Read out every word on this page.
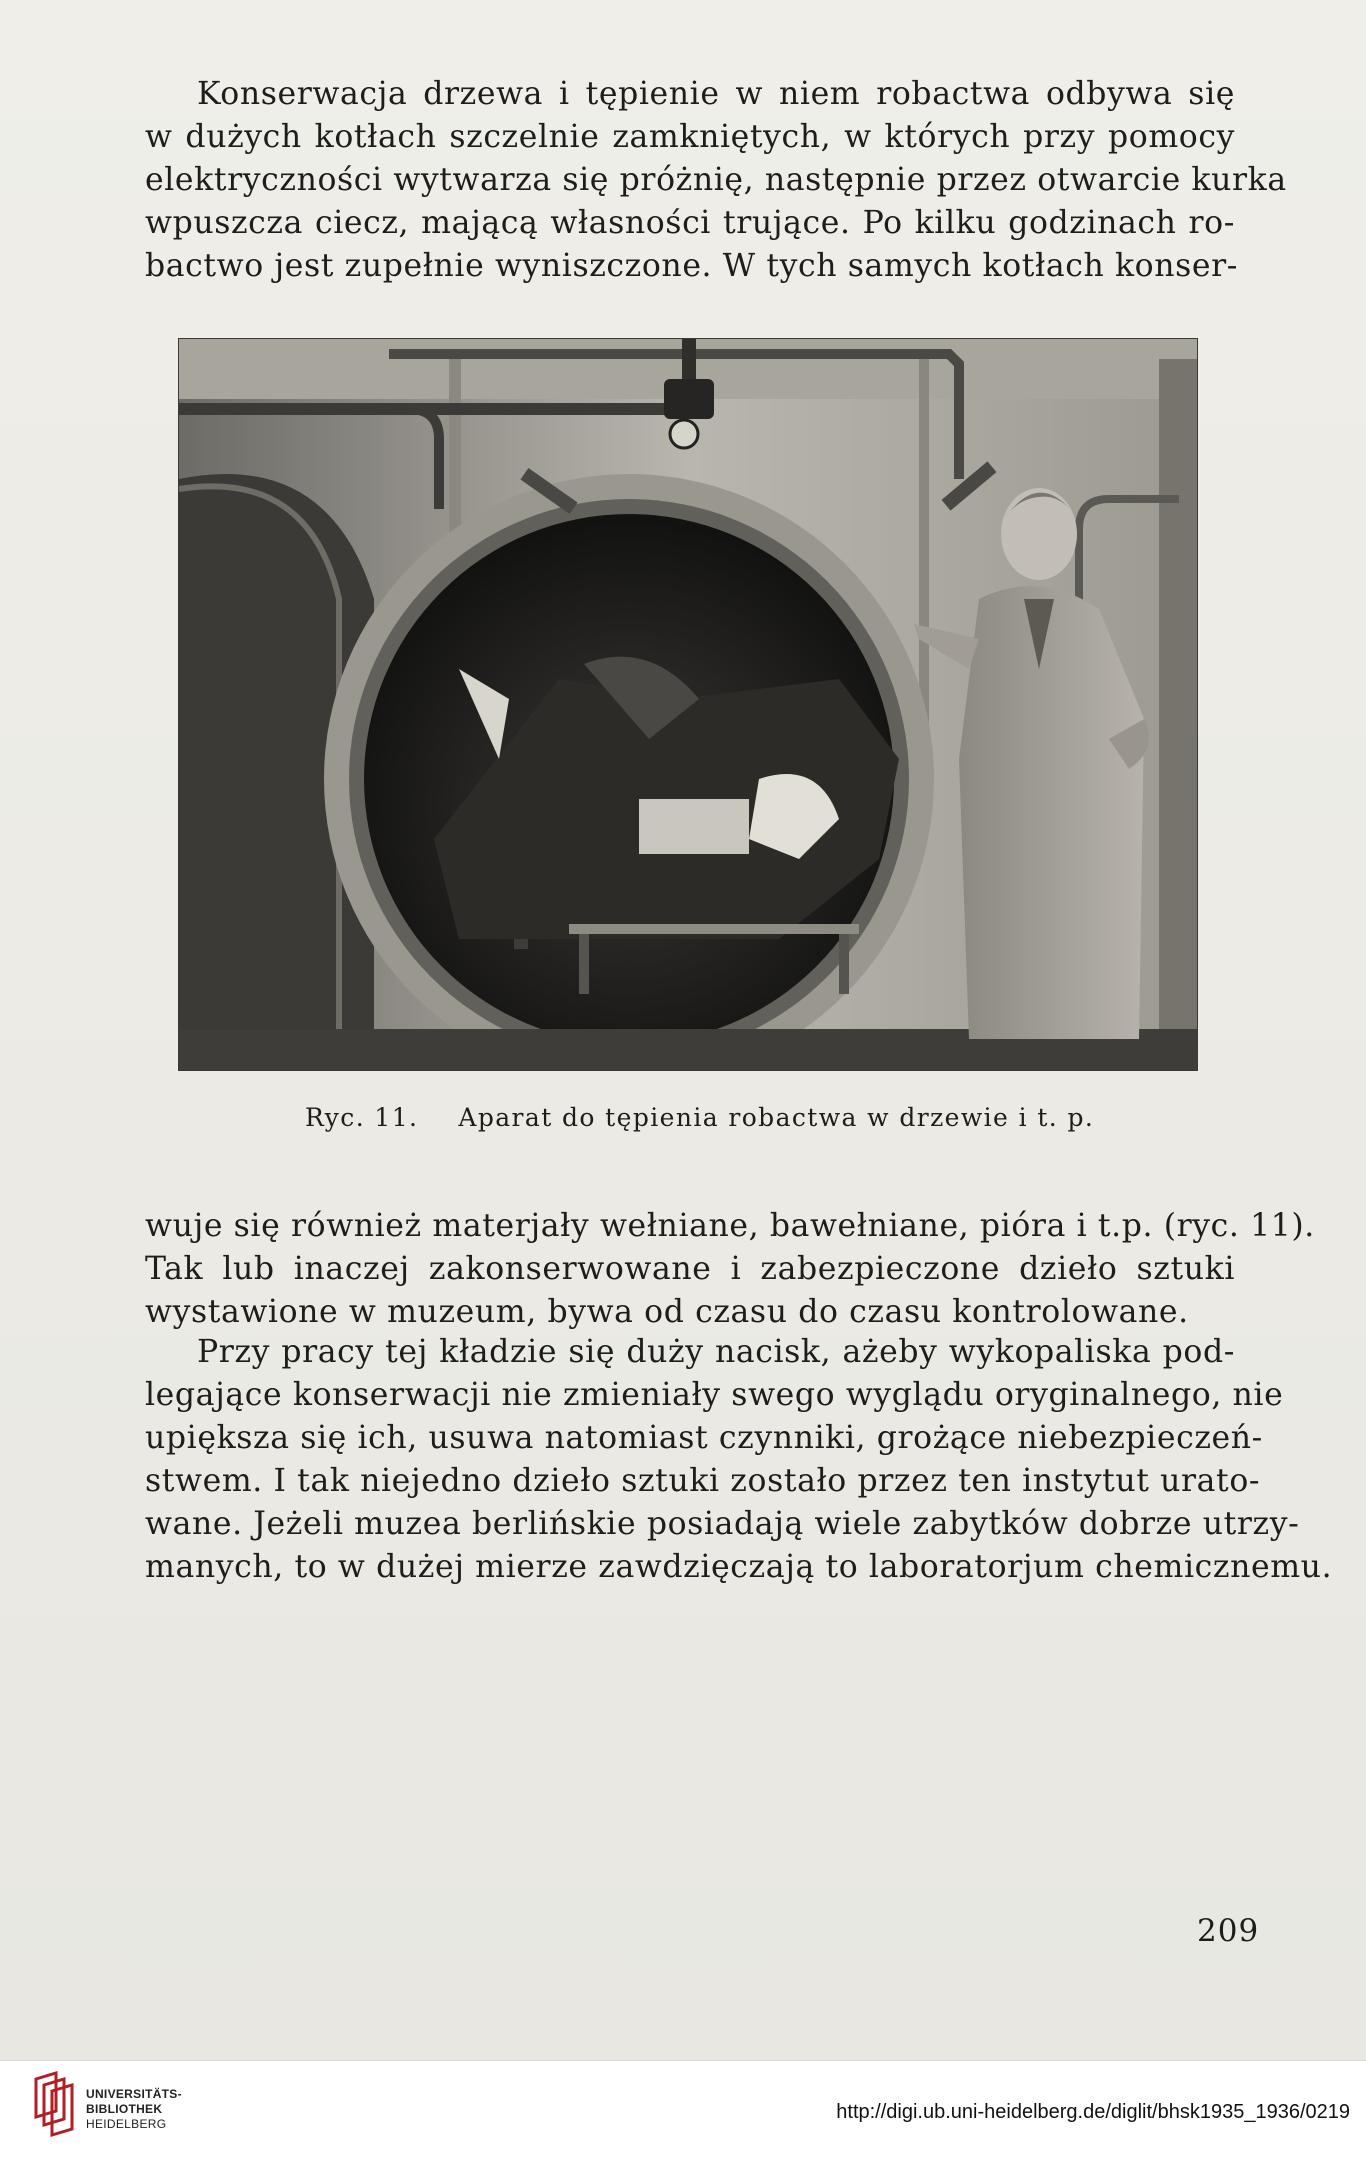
Konserwacja drzewa i tępienie w niem robactwa odbywa się
w dużych kotłach szczelnie zamkniętych, w których przy pomocy
elektryczności wytwarza się próżnię, następnie przez otwarcie kurka
wpuszcza ciecz, mającą własności trujące. Po kilku godzinach ro-
bactwo jest zupełnie wyniszczone. W tych samych kotłach konser-
Ryc. 11. Aparat do tępienia robactwa w drzewie i t. p.
wuje się również materjały wełniane, bawełniane, pióra i t.p. (ryc. 11).
Tak lub inaczej zakonserwowane i zabezpieczone dzieło sztuki
wystawione w muzeum, bywa od czasu do czasu kontrolowane.
Przy pracy tej kładzie się duży nacisk, ażeby wykopaliska pod-
legające konserwacji nie zmieniały swego wyglądu oryginalnego, nie
upiększa się ich, usuwa natomiast czynniki, grożące niebezpieczeń-
stwem. I tak niejedno dzieło sztuki zostało przez ten instytut urato-
wane. Jeżeli muzea berlińskie posiadają wiele zabytków dobrze utrzy-
manych, to w dużej mierze zawdzięczają to laboratorjum chemicznemu.
209
UNIVERSITÄTS-
BIBLIOTHEK
HEIDELBERG
http://digi.ub.uni-heidelberg.de/diglit/bhsk1935_1936/0219
